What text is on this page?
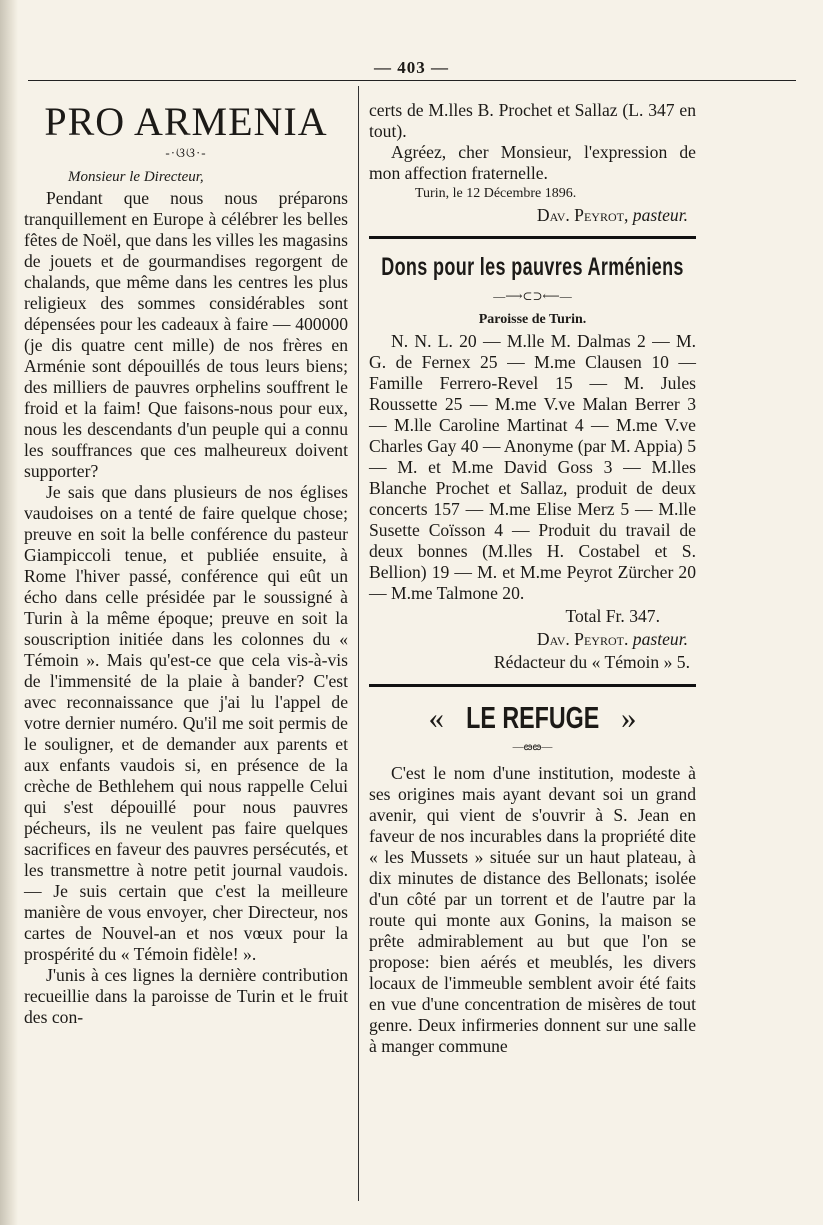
— 403 —
PRO ARMENIA
-·ଓଓ·-

Monsieur le Directeur,

Pendant que nous nous préparons tranquillement en Europe à célébrer les belles fêtes de Noël, que dans les villes les magasins de jouets et de gourmandises regorgent de chalands, que même dans les centres les plus religieux des sommes considérables sont dépensées pour les cadeaux à faire — 400000 (je dis quatre cent mille) de nos frères en Arménie sont dépouillés de tous leurs biens; des milliers de pauvres orphelins souffrent le froid et la faim! Que faisons-nous pour eux, nous les descendants d'un peuple qui a connu les souffrances que ces malheureux doivent supporter?

Je sais que dans plusieurs de nos églises vaudoises on a tenté de faire quelque chose; preuve en soit la belle conférence du pasteur Giampiccoli tenue, et publiée ensuite, à Rome l'hiver passé, conférence qui eût un écho dans celle présidée par le soussigné à Turin à la même époque; preuve en soit la souscription initiée dans les colonnes du « Témoin ». Mais qu'est-ce que cela vis-à-vis de l'immensité de la plaie à bander? C'est avec reconnaissance que j'ai lu l'appel de votre dernier numéro. Qu'il me soit permis de le souligner, et de demander aux parents et aux enfants vaudois si, en présence de la crèche de Bethlehem qui nous rappelle Celui qui s'est dépouillé pour nous pauvres pécheurs, ils ne veulent pas faire quelques sacrifices en faveur des pauvres persécutés, et les transmettre à notre petit journal vaudois. — Je suis certain que c'est la meilleure manière de vous envoyer, cher Directeur, nos cartes de Nouvel-an et nos vœux pour la prospérité du « Témoin fidèle! ».

J'unis à ces lignes la dernière contribution recueillie dans la paroisse de Turin et le fruit des con-

certs de M.lles B. Prochet et Sallaz (L. 347 en tout).

Agréez, cher Monsieur, l'expression de mon affection fraternelle.

Turin, le 12 Décembre 1896.

Dav. Peyrot, pasteur.

Dons pour les pauvres Arméniens
—⟶⊂⊃⟵—

Paroisse de Turin.

N. N. L. 20 — M.lle M. Dalmas 2 — M. G. de Fernex 25 — M.me Clausen 10 — Famille Ferrero-Revel 15 — M. Jules Roussette 25 — M.me V.ve Malan Berrer 3 — M.lle Caroline Martinat 4 — M.me V.ve Charles Gay 40 — Anonyme (par M. Appia) 5 — M. et M.me David Goss 3 — M.lles Blanche Prochet et Sallaz, produit de deux concerts 157 — M.me Elise Merz 5 — M.lle Susette Coïsson 4 — Produit du travail de deux bonnes (M.lles H. Costabel et S. Bellion) 19 — M. et M.me Peyrot Zürcher 20 — M.me Talmone 20.

Total Fr. 347.

Dav. Peyrot. pasteur.

Rédacteur du « Témoin » 5.

« LE REFUGE »
—ఴఴ—

C'est le nom d'une institution, modeste à ses origines mais ayant devant soi un grand avenir, qui vient de s'ouvrir à S. Jean en faveur de nos incurables dans la propriété dite « les Mussets » située sur un haut plateau, à dix minutes de distance des Bellonats; isolée d'un côté par un torrent et de l'autre par la route qui monte aux Gonins, la maison se prête admirablement au but que l'on se propose: bien aérés et meublés, les divers locaux de l'immeuble semblent avoir été faits en vue d'une concentration de misères de tout genre. Deux infirmeries donnent sur une salle à manger commune
